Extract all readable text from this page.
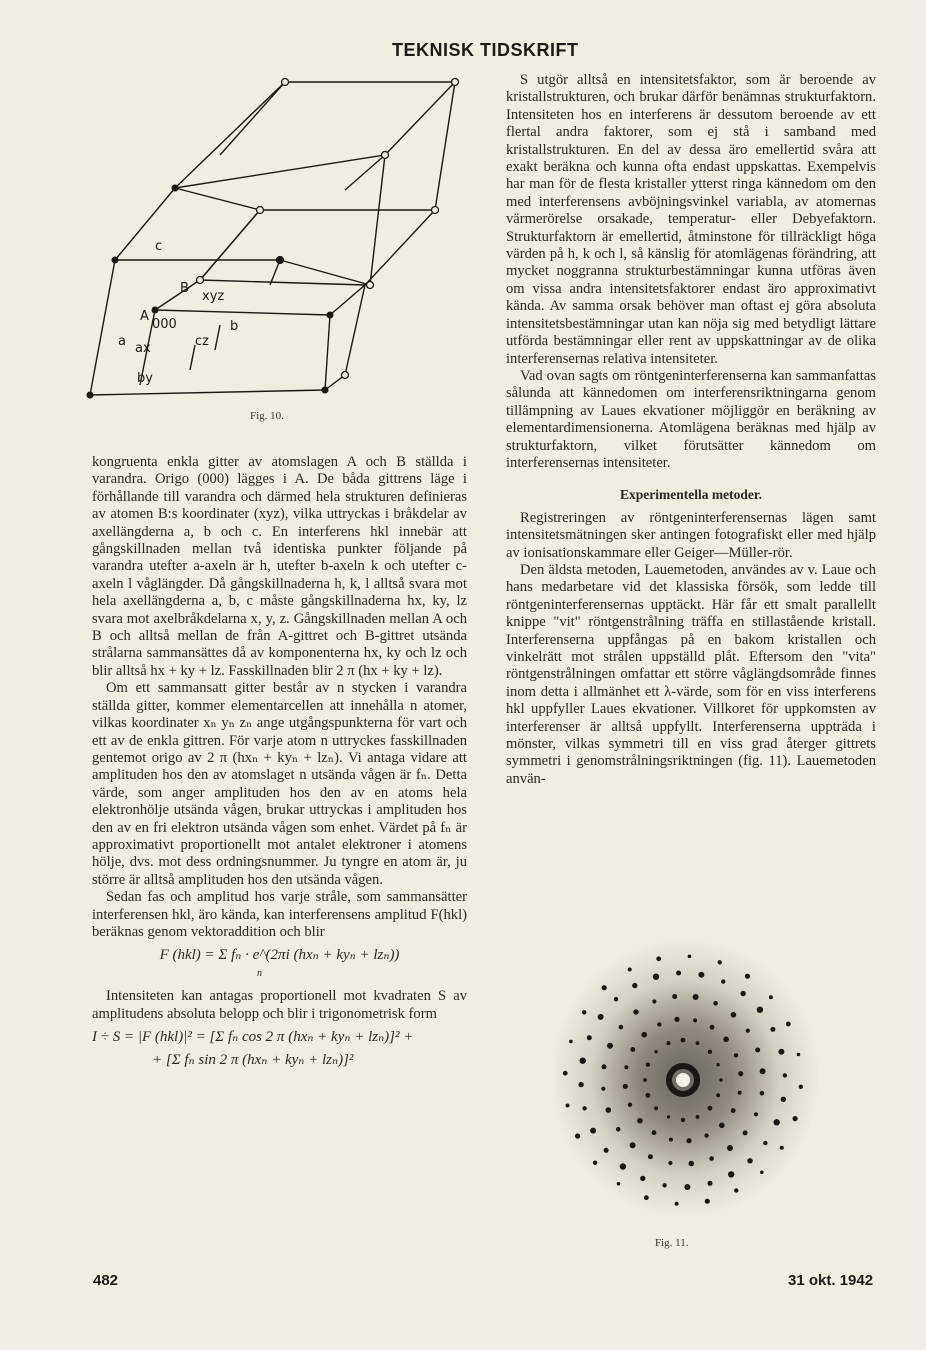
TEKNISK TIDSKRIFT
c
B
xyz
A
000	b
a ax	cz
by
Fig. 10.

kongruenta enkla gitter av atomslagen A och B ställda i varandra. Origo (000) lägges i A. De båda gittrens läge i förhållande till varandra och därmed hela strukturen definieras av atomen B:s koordinater (xyz), vilka uttryckas i bråkdelar av axellängderna a, b och c. En interferens hkl innebär att gångskillnaden mellan två identiska punkter följande på varandra utefter a-axeln är h, utefter b-axeln k och utefter c-axeln l våglängder. Då gångskillnaderna h, k, l alltså svara mot hela axellängderna a, b, c måste gångskillnaderna hx, ky, lz svara mot axelbråkdelarna x, y, z. Gångskillnaden mellan A och B och alltså mellan de från A-gittret och B-gittret utsända strålarna sammansättes då av komponenterna hx, ky och lz och blir alltså hx + ky + lz. Fasskillnaden blir 2 π (hx + ky + lz).

Om ett sammansatt gitter består av n stycken i varandra ställda gitter, kommer elementarcellen att innehålla n atomer, vilkas koordinater xₙ yₙ zₙ ange utgångspunkterna för vart och ett av de enkla gittren. För varje atom n uttryckes fasskillnaden gentemot origo av 2 π (hxₙ + kyₙ + lzₙ). Vi antaga vidare att amplituden hos den av atomslaget n utsända vågen är fₙ. Detta värde, som anger amplituden hos den av en atoms hela elektronhölje utsända vågen, brukar uttryckas i amplituden hos den av en fri elektron utsända vågen som enhet. Värdet på fₙ är approximativt proportionellt mot antalet elektroner i atomens hölje, dvs. mot dess ordningsnummer. Ju tyngre en atom är, ju större är alltså amplituden hos den utsända vågen.

Sedan fas och amplitud hos varje stråle, som sammansätter interferensen hkl, äro kända, kan interferensens amplitud F(hkl) beräknas genom vektoraddition och blir

F (hkl) = Σ fₙ · e^(2πi (hxₙ + kyₙ + lzₙ))
n

Intensiteten kan antagas proportionell mot kvadraten S av amplitudens absoluta belopp och blir i trigonometrisk form

I ÷ S = |F (hkl)|² = [Σ fₙ cos 2 π (hxₙ + kyₙ + lzₙ)]² +
+ [Σ fₙ sin 2 π (hxₙ + kyₙ + lzₙ)]²

S utgör alltså en intensitetsfaktor, som är beroende av kristallstrukturen, och brukar därför benämnas strukturfaktorn. Intensiteten hos en interferens är dessutom beroende av ett flertal andra faktorer, som ej stå i samband med kristallstrukturen. En del av dessa äro emellertid svåra att exakt beräkna och kunna ofta endast uppskattas. Exempelvis har man för de flesta kristaller ytterst ringa kännedom om den med interferensens avböjningsvinkel variabla, av atomernas värmerörelse orsakade, temperatur- eller Debyefaktorn. Strukturfaktorn är emellertid, åtminstone för tillräckligt höga värden på h, k och l, så känslig för atomlägenas förändring, att mycket noggranna strukturbestämningar kunna utföras även om vissa andra intensitetsfaktorer endast äro approximativt kända. Av samma orsak behöver man oftast ej göra absoluta intensitetsbestämningar utan kan nöja sig med betydligt lättare utförda bestämningar eller rent av uppskattningar av de olika interferensernas relativa intensiteter.

Vad ovan sagts om röntgeninterferenserna kan sammanfattas sålunda att kännedomen om interferensriktningarna genom tillämpning av Laues ekvationer möjliggör en beräkning av elementardimensionerna. Atomlägena beräknas med hjälp av strukturfaktorn, vilket förutsätter kännedom om interferensernas intensiteter.

Experimentella metoder.

Registreringen av röntgeninterferensernas lägen samt intensitetsmätningen sker antingen fotografiskt eller med hjälp av ionisationskammare eller Geiger—Müller-rör.

Den äldsta metoden, Lauemetoden, användes av v. Laue och hans medarbetare vid det klassiska försök, som ledde till röntgeninterferensernas upptäckt. Här får ett smalt parallellt knippe "vit" röntgenstrålning träffa en stillastående kristall. Interferenserna uppfångas på en bakom kristallen och vinkelrätt mot strålen uppställd plåt. Eftersom den "vita" röntgenstrålningen omfattar ett större våglängdsområde finnes inom detta i allmänhet ett λ-värde, som för en viss interferens hkl uppfyller Laues ekvationer. Villkoret för uppkomsten av interferenser är alltså uppfyllt. Interferenserna uppträda i mönster, vilkas symmetri till en viss grad återger gittrets symmetri i genomstrålningsriktningen (fig. 11). Lauemetoden använ-

Fig. 11.
482	31 okt. 1942
